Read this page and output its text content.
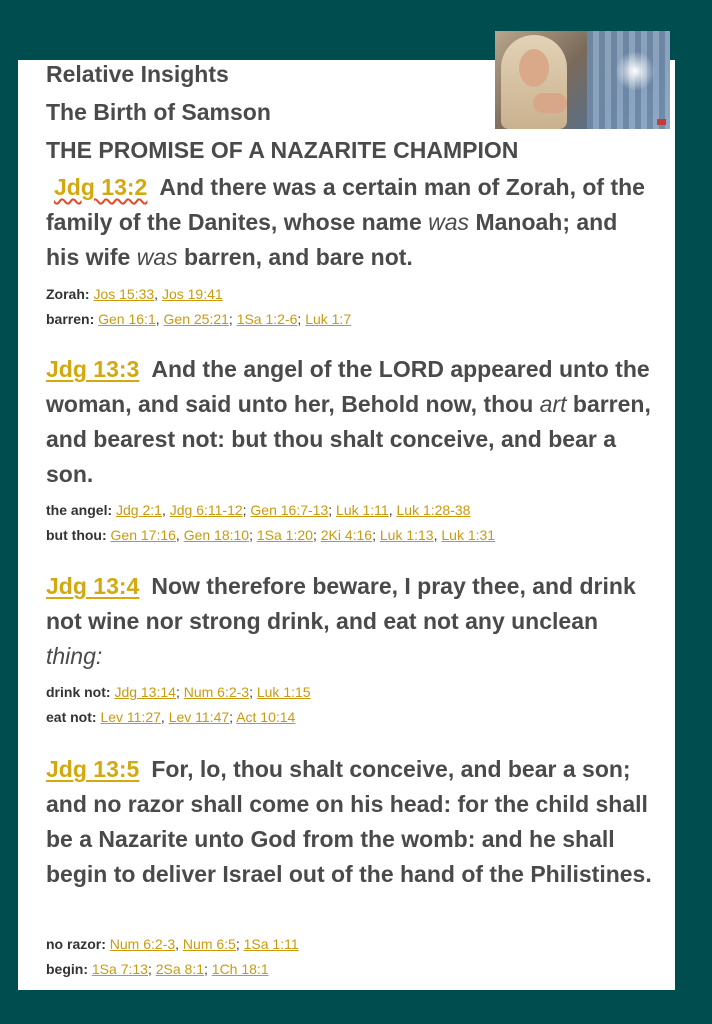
Relative Insights
The Birth of Samson
THE PROMISE OF A NAZARITE CHAMPION
Jdg 13:2 And there was a certain man of Zorah, of the family of the Danites, whose name was Manoah; and his wife was barren, and bare not.
Zorah: Jos 15:33, Jos 19:41
barren: Gen 16:1, Gen 25:21; 1Sa 1:2-6; Luk 1:7
Jdg 13:3 And the angel of the LORD appeared unto the woman, and said unto her, Behold now, thou art barren, and bearest not: but thou shalt conceive, and bear a son.
the angel: Jdg 2:1, Jdg 6:11-12; Gen 16:7-13; Luk 1:11, Luk 1:28-38
but thou: Gen 17:16, Gen 18:10; 1Sa 1:20; 2Ki 4:16; Luk 1:13, Luk 1:31
Jdg 13:4 Now therefore beware, I pray thee, and drink not wine nor strong drink, and eat not any unclean thing:
drink not: Jdg 13:14; Num 6:2-3; Luk 1:15
eat not: Lev 11:27, Lev 11:47; Act 10:14
Jdg 13:5 For, lo, thou shalt conceive, and bear a son; and no razor shall come on his head: for the child shall be a Nazarite unto God from the womb: and he shall begin to deliver Israel out of the hand of the Philistines.
no razor: Num 6:2-3, Num 6:5; 1Sa 1:11
begin: 1Sa 7:13; 2Sa 8:1; 1Ch 18:1
